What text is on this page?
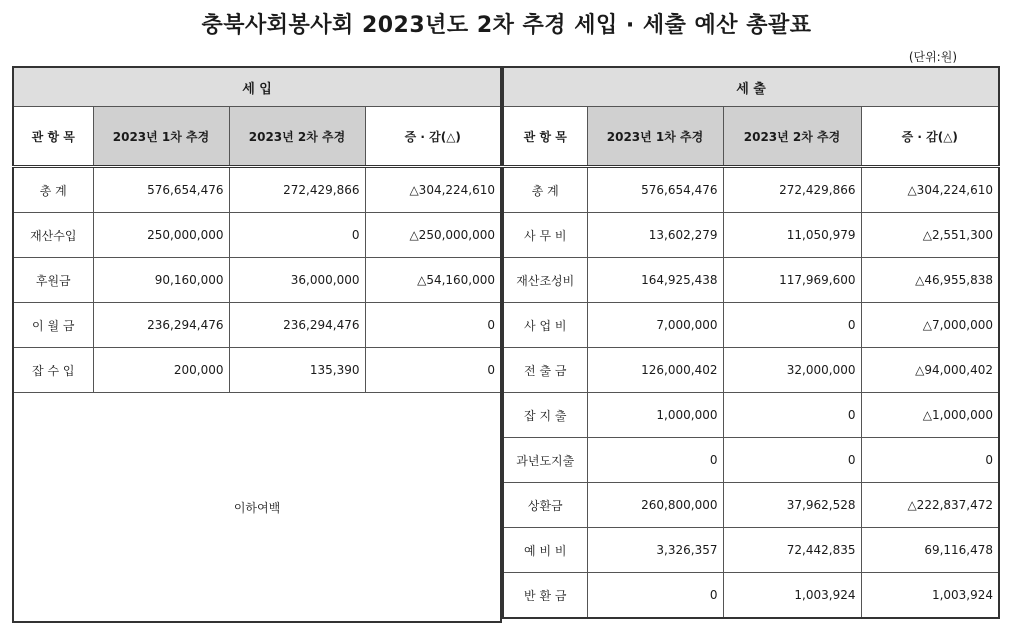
충북사회봉사회 2023년도 2차 추경 세입 · 세출 예산 총괄표
(단위:원)
세 입			
관 항 목	2023년 1차 추경	2023년 2차 추경	증 · 감(△)
총 계	576,654,476	272,429,866	△304,224,610
재산수입	250,000,000	0	△250,000,000
후원금	90,160,000	36,000,000	△54,160,000
이 월 금	236,294,476	236,294,476	0
잡 수 입	200,000	135,390	0
이하여백			
세 출			
관 항 목	2023년 1차 추경	2023년 2차 추경	증 · 감(△)
총 계	576,654,476	272,429,866	△304,224,610
사 무 비	13,602,279	11,050,979	△2,551,300
재산조성비	164,925,438	117,969,600	△46,955,838
사 업 비	7,000,000	0	△7,000,000
전 출 금	126,000,402	32,000,000	△94,000,402
잡 지 출	1,000,000	0	△1,000,000
과년도지출	0	0	0
상환금	260,800,000	37,962,528	△222,837,472
예 비 비	3,326,357	72,442,835	69,116,478
반 환 금	0	1,003,924	1,003,924
